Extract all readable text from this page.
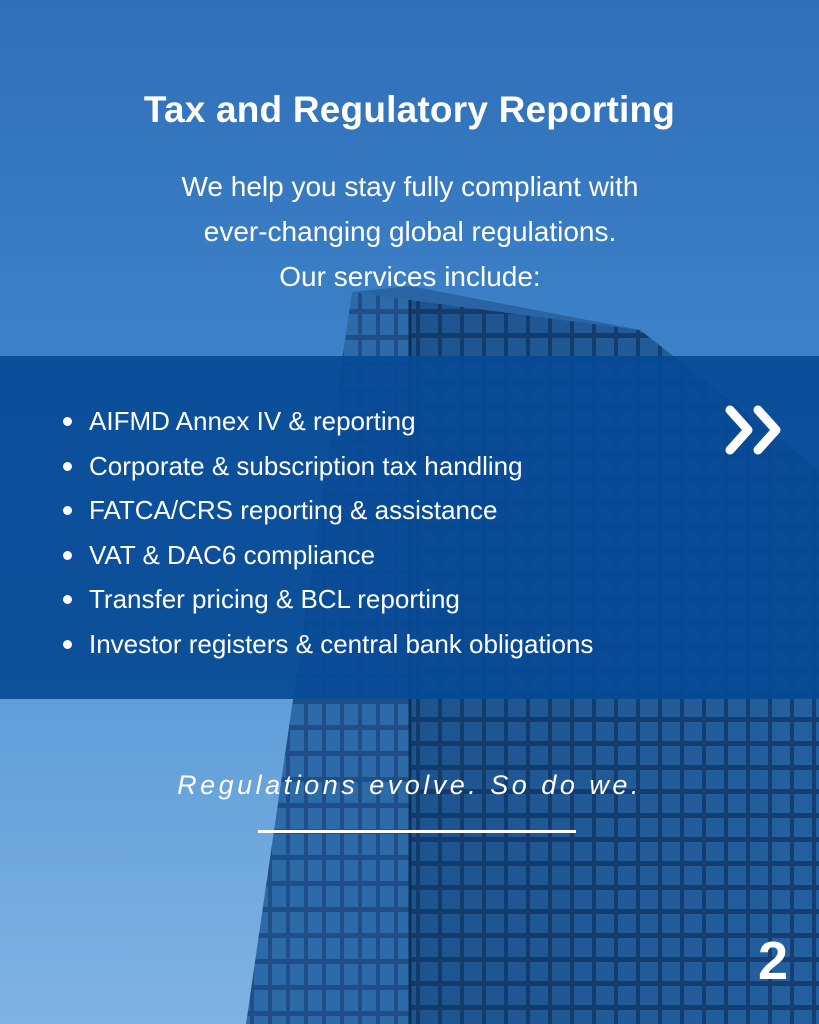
Tax and Regulatory Reporting
We help you stay fully compliant with
ever-changing global regulations.
Our services include:
AIFMD Annex IV & reporting
Corporate & subscription tax handling
FATCA/CRS reporting & assistance
VAT & DAC6 compliance
Transfer pricing & BCL reporting
Investor registers & central bank obligations
Regulations evolve. So do we.
2
